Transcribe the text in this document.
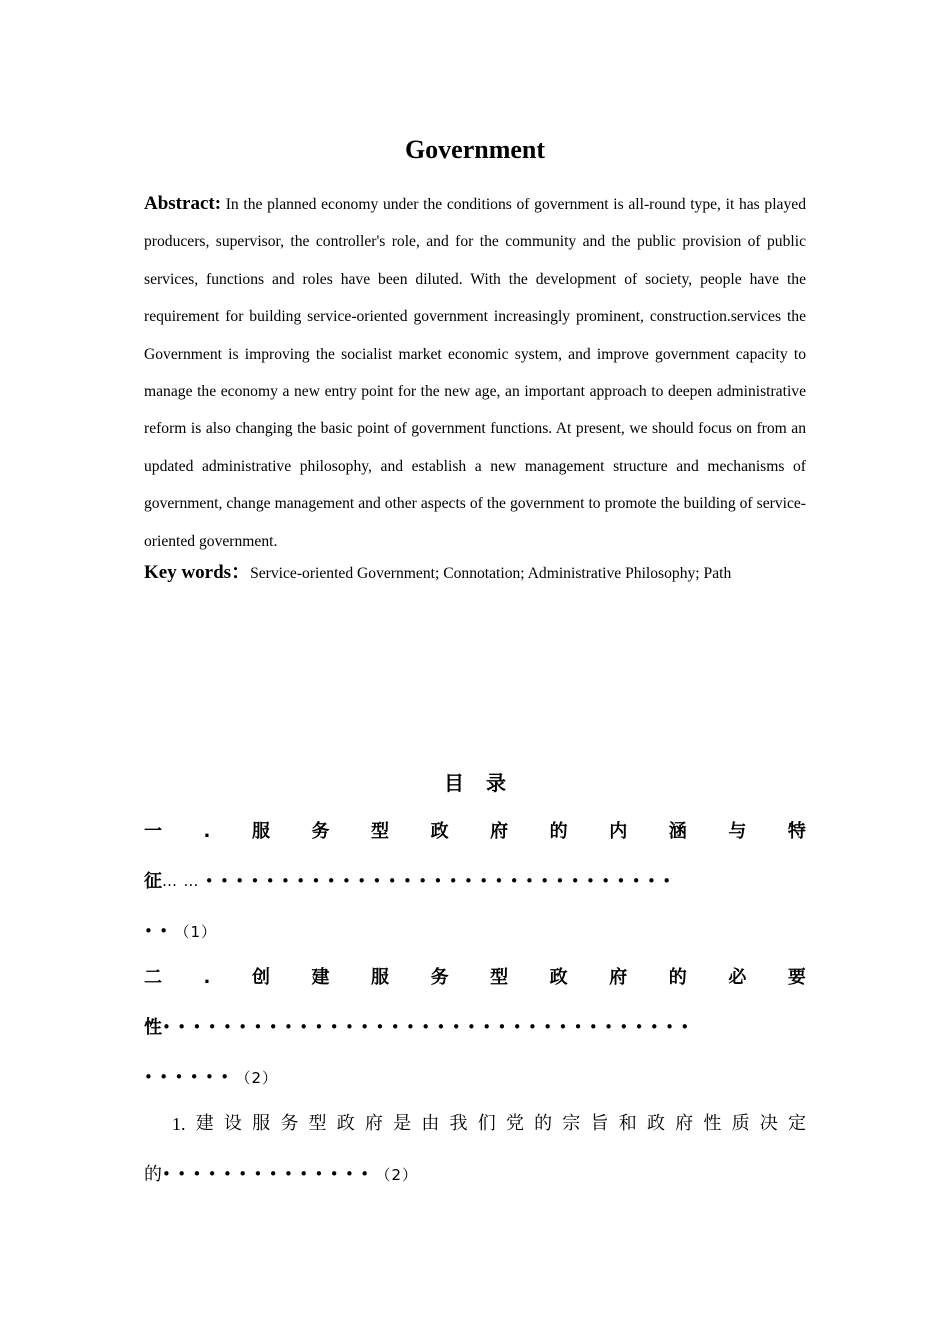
Government
Abstract: In the planned economy under the conditions of government is all-round type, it has played producers, supervisor, the controller's role, and for the community and the public provision of public services, functions and roles have been diluted. With the development of society, people have the requirement for building service-oriented government increasingly prominent, construction.services the Government is improving the socialist market economic system, and improve government capacity to manage the economy a new entry point for the new age, an important approach to deepen administrative reform is also changing the basic point of government functions. At present, we should focus on from an updated administrative philosophy, and establish a new management structure and mechanisms of government, change management and other aspects of the government to promote the building of service-oriented government.
Key words：Service-oriented Government; Connotation; Administrative Philosophy; Path
目 录
一 . 服 务 型 政 府 的 内 涵 与 特
征……•••••••••••••••••••••••••••••••
••（1）
二 . 创 建 服 务 型 政 府 的 必 要
性•••••••••••••••••••••••••••••••••••
••••••（2）
1. 建 设 服 务 型 政 府 是 由 我 们 党 的 宗 旨 和 政 府 性 质 决 定
的••••••••••••••（2）
